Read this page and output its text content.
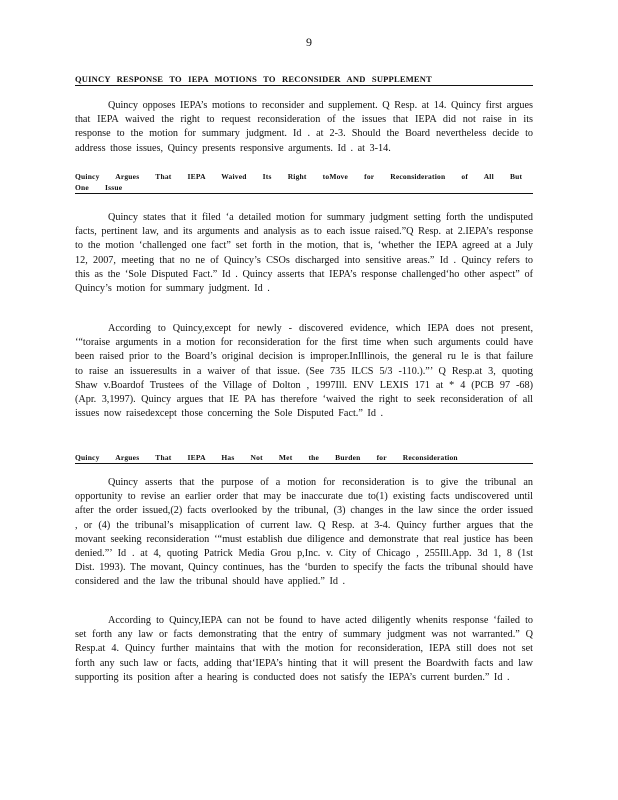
9
QUINCY RESPONSE TO IEPA MOTIONS TO RECONSIDER AND SUPPLEMENT
Quincy opposes IEPA’s motions to reconsider and supplement. Q Resp. at 14. Quincy first argues that IEPA waived the right to request reconsideration of the issues that IEPA did not raise in its response to the motion for summary judgment. Id . at 2-3. Should the Board nevertheless decide to address those issues, Quincy presents responsive arguments. Id . at 3-14.
Quincy Argues That IEPA Waived Its Right toMove for Reconsideration of All But One Issue
Quincy states that it filed ‘a detailed motion for summary judgment setting forth the undisputed facts, pertinent law, and its arguments and analysis as to each issue raised.”Q Resp. at 2.IEPA’s response to the motion ‘challenged one fact” set forth in the motion, that is, ‘whether the IEPA agreed at a July 12, 2007, meeting that no ne of Quincy’s CSOs discharged into sensitive areas.” Id . Quincy refers to this as the ‘Sole Disputed Fact.” Id . Quincy asserts that IEPA’s response challenged‘ho other aspect” of Quincy’s motion for summary judgment. Id .
According to Quincy,except for newly - discovered evidence, which IEPA does not present, ‘“toraise arguments in a motion for reconsideration for the first time when such arguments could have been raised prior to the Board’s original decision is improper.InIllinois, the general ru le is that failure to raise an issueresults in a waiver of that issue. (See 735 ILCS 5/3 -110.).”’ Q Resp.at 3, quoting Shaw v.Boardof Trustees of the Village of Dolton , 1997Ill. ENV LEXIS 171 at * 4 (PCB 97 -68) (Apr. 3,1997). Quincy argues that IE PA has therefore ‘waived the right to seek reconsideration of all issues now raisedexcept those concerning the Sole Disputed Fact.” Id .
Quincy Argues That IEPA Has Not Met the Burden for Reconsideration
Quincy asserts that the purpose of a motion for reconsideration is to give the tribunal an opportunity to revise an earlier order that may be inaccurate due to(1) existing facts undiscovered until after the order issued,(2) facts overlooked by the tribunal, (3) changes in the law since the order issued , or (4) the tribunal’s misapplication of current law. Q Resp. at 3-4. Quincy further argues that the movant seeking reconsideration ‘“must establish due diligence and demonstrate that real justice has been denied.”’ Id . at 4, quoting Patrick Media Grou p,Inc. v. City of Chicago , 255Ill.App. 3d 1, 8 (1st Dist. 1993). The movant, Quincy continues, has the ‘burden to specify the facts the tribunal should have considered and the law the tribunal should have applied.” Id .
According to Quincy,IEPA can not be found to have acted diligently whenits response ‘failed to set forth any law or facts demonstrating that the entry of summary judgment was not warranted.” Q Resp.at 4. Quincy further maintains that with the motion for reconsideration, IEPA still does not set forth any such law or facts, adding that‘IEPA’s hinting that it will present the Boardwith facts and law supporting its position after a hearing is conducted does not satisfy the IEPA’s current burden.” Id .
